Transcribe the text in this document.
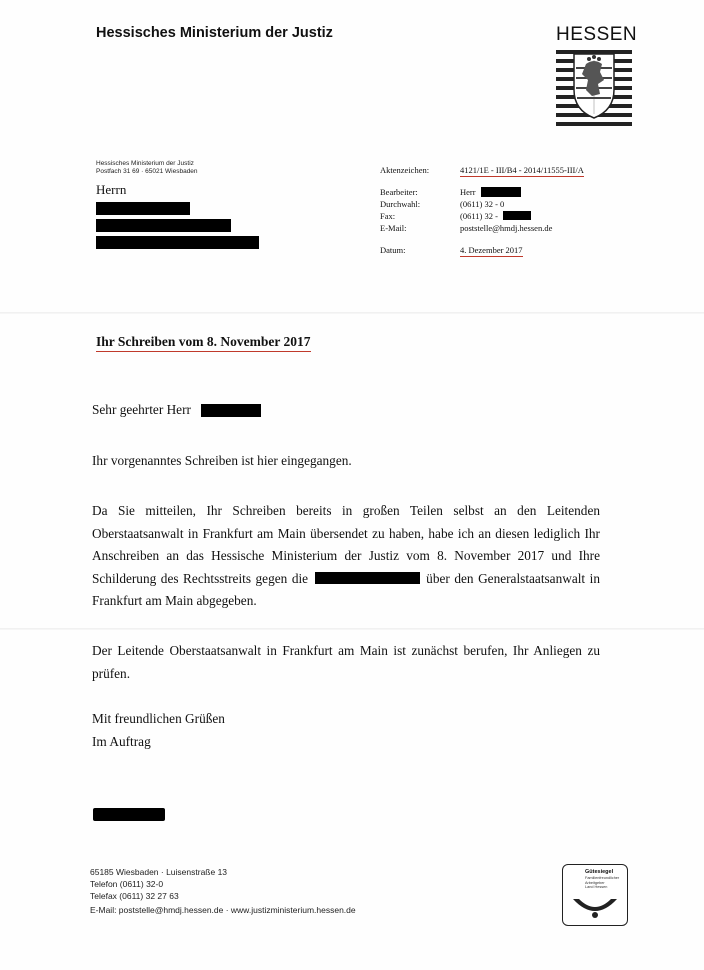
Hessisches Ministerium der Justiz	HESSEN
Hessisches Ministerium der Justiz
Postfach 31 69 · 65021 Wiesbaden
Herrn
Aktenzeichen:	4121/1E - III/B4 - 2014/11555-III/A
Bearbeiter:	Herr
Durchwahl:	(0611) 32 - 0
Fax:	(0611) 32 -
E-Mail:	poststelle@hmdj.hessen.de
Datum:	4. Dezember 2017
Ihr Schreiben vom 8. November 2017
Sehr geehrter Herr
Ihr vorgenanntes Schreiben ist hier eingegangen.
Da Sie mitteilen, Ihr Schreiben bereits in großen Teilen selbst an den Leitenden Oberstaatsanwalt in Frankfurt am Main übersendet zu haben, habe ich an diesen lediglich Ihr Anschreiben an das Hessische Ministerium der Justiz vom 8. November 2017 und Ihre Schilderung des Rechtsstreits gegen die	über den Generalstaatsanwalt in Frankfurt am Main abgegeben.
Der Leitende Oberstaatsanwalt in Frankfurt am Main ist zunächst berufen, Ihr Anliegen zu prüfen.
Mit freundlichen Grüßen
Im Auftrag
65185 Wiesbaden · Luisenstraße 13
Telefon (0611) 32-0
Telefax (0611) 32 27 63
E-Mail: poststelle@hmdj.hessen.de · www.justizministerium.hessen.de
Gütesiegel
Familienfreundlicher
Arbeitgeber
Land Hessen
